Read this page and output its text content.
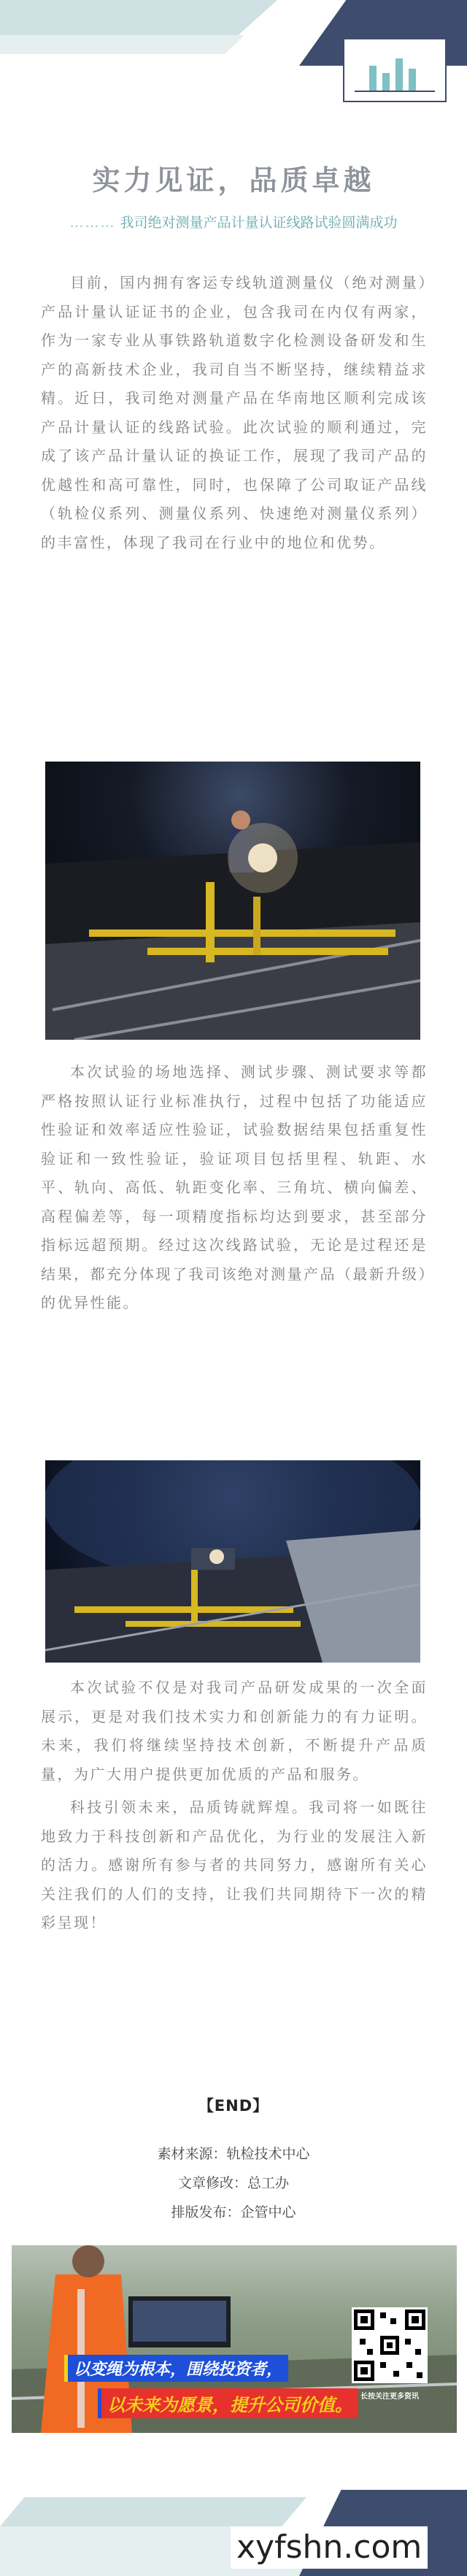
实力见证，品质卓越
……… 我司绝对测量产品计量认证线路试验圆满成功

目前，国内拥有客运专线轨道测量仪（绝对测量）产品计量认证证书的企业，包含我司在内仅有两家，作为一家专业从事铁路轨道数字化检测设备研发和生产的高新技术企业，我司自当不断坚持，继续精益求精。近日，我司绝对测量产品在华南地区顺利完成该产品计量认证的线路试验。此次试验的顺利通过，完成了该产品计量认证的换证工作，展现了我司产品的优越性和高可靠性，同时，也保障了公司取证产品线（轨检仪系列、测量仪系列、快速绝对测量仪系列）的丰富性，体现了我司在行业中的地位和优势。

本次试验的场地选择、测试步骤、测试要求等都严格按照认证行业标准执行，过程中包括了功能适应性验证和效率适应性验证，试验数据结果包括重复性验证和一致性验证，验证项目包括里程、轨距、水平、轨向、高低、轨距变化率、三角坑、横向偏差、高程偏差等，每一项精度指标均达到要求，甚至部分指标远超预期。经过这次线路试验，无论是过程还是结果，都充分体现了我司该绝对测量产品（最新升级）的优异性能。

本次试验不仅是对我司产品研发成果的一次全面展示，更是对我们技术实力和创新能力的有力证明。未来，我们将继续坚持技术创新，不断提升产品质量，为广大用户提供更加优质的产品和服务。

科技引领未来，品质铸就辉煌。我司将一如既往地致力于科技创新和产品优化，为行业的发展注入新的活力。感谢所有参与者的共同努力，感谢所有关心关注我们的人们的支持，让我们共同期待下一次的精彩呈现！

【END】
素材来源：轨检技术中心
文章修改：总工办
排版发布：企管中心
长按关注更多资讯
以变绳为根本，围绕投资者，
以未来为愿景，提升公司价值。
xyfshn.com
